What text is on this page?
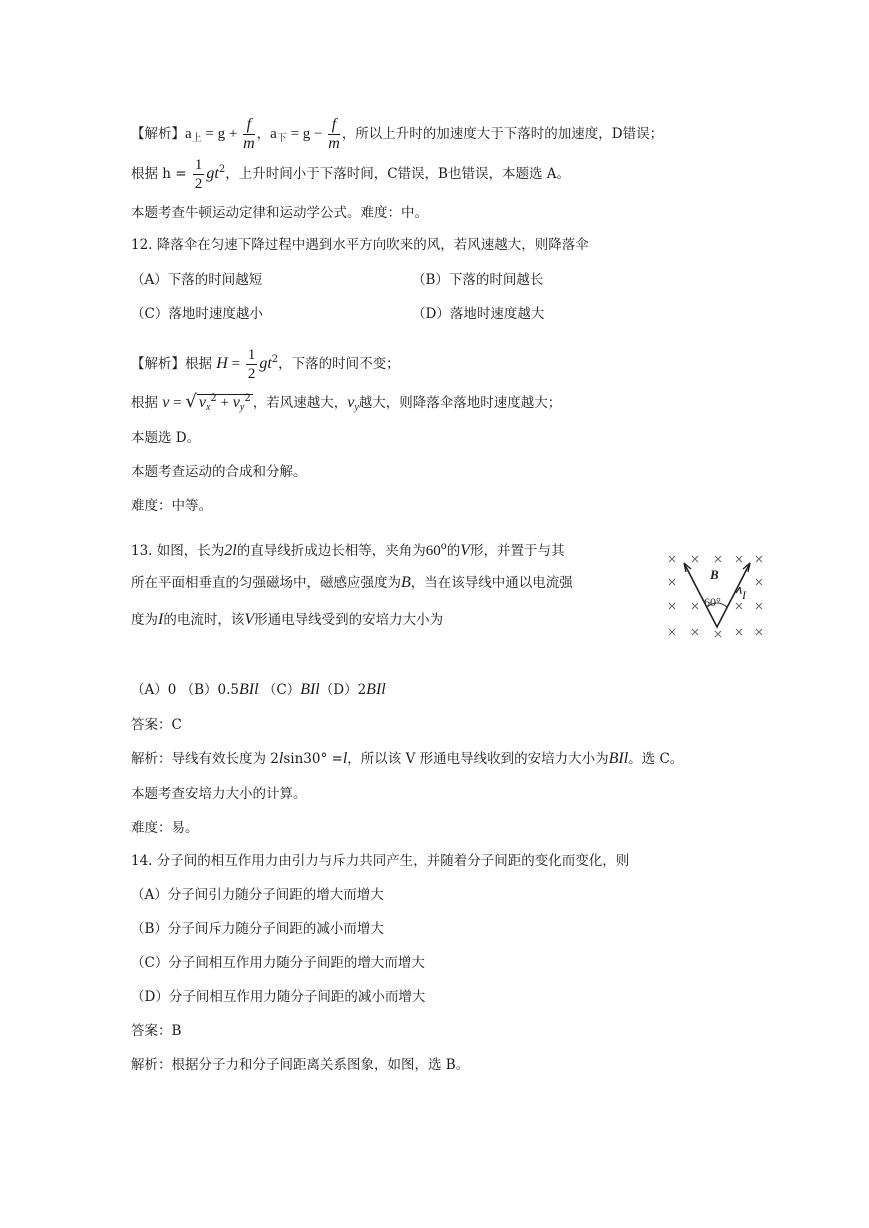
【解析】$a_上 = g + \frac{f}{m}$ ，$a_下 = g - \frac{f}{m}$ ，所以上升时的加速度大于下落时的加速度，D错误；
根据 $h = \frac{1}{2} gt^2$，上升时间小于下落时间，C错误，B也错误，本题选 A。
本题考查牛顿运动定律和运动学公式。难度：中。
12. 降落伞在匀速下降过程中遇到水平方向吹来的风，若风速越大，则降落伞
（A）下落的时间越短	（B）下落的时间越长
（C）落地时速度越小	（D）落地时速度越大
【解析】根据 $H = \frac{1}{2} gt^2$，下落的时间不变；
根据 v = √ $v_x^2 + v_y^2$ ，若风速越大，$v_y$越大，则降落伞落地时速度越大；
本题选 D。
本题考查运动的合成和分解。
难度：中等。
13. 如图，长为2l的直导线折成边长相等，夹角为60$^o$的V形，并置于与其
所在平面相垂直的匀强磁场中，磁感应强度为B，当在该导线中通以电流强
度为I的电流时，该V形通电导线受到的安培力大小为
B
60° I
（A）0 （B）0.5BIl （C）BIl（D）2BIl
答案：C
解析：导线有效长度为 2lsin30° =l，所以该 V 形通电导线收到的安培力大小为BIl。选 C。
本题考查安培力大小的计算。
难度：易。
14. 分子间的相互作用力由引力与斥力共同产生，并随着分子间距的变化而变化，则
（A）分子间引力随分子间距的增大而增大
（B）分子间斥力随分子间距的减小而增大
（C）分子间相互作用力随分子间距的增大而增大
（D）分子间相互作用力随分子间距的减小而增大
答案：B
解析：根据分子力和分子间距离关系图象，如图，选 B。
